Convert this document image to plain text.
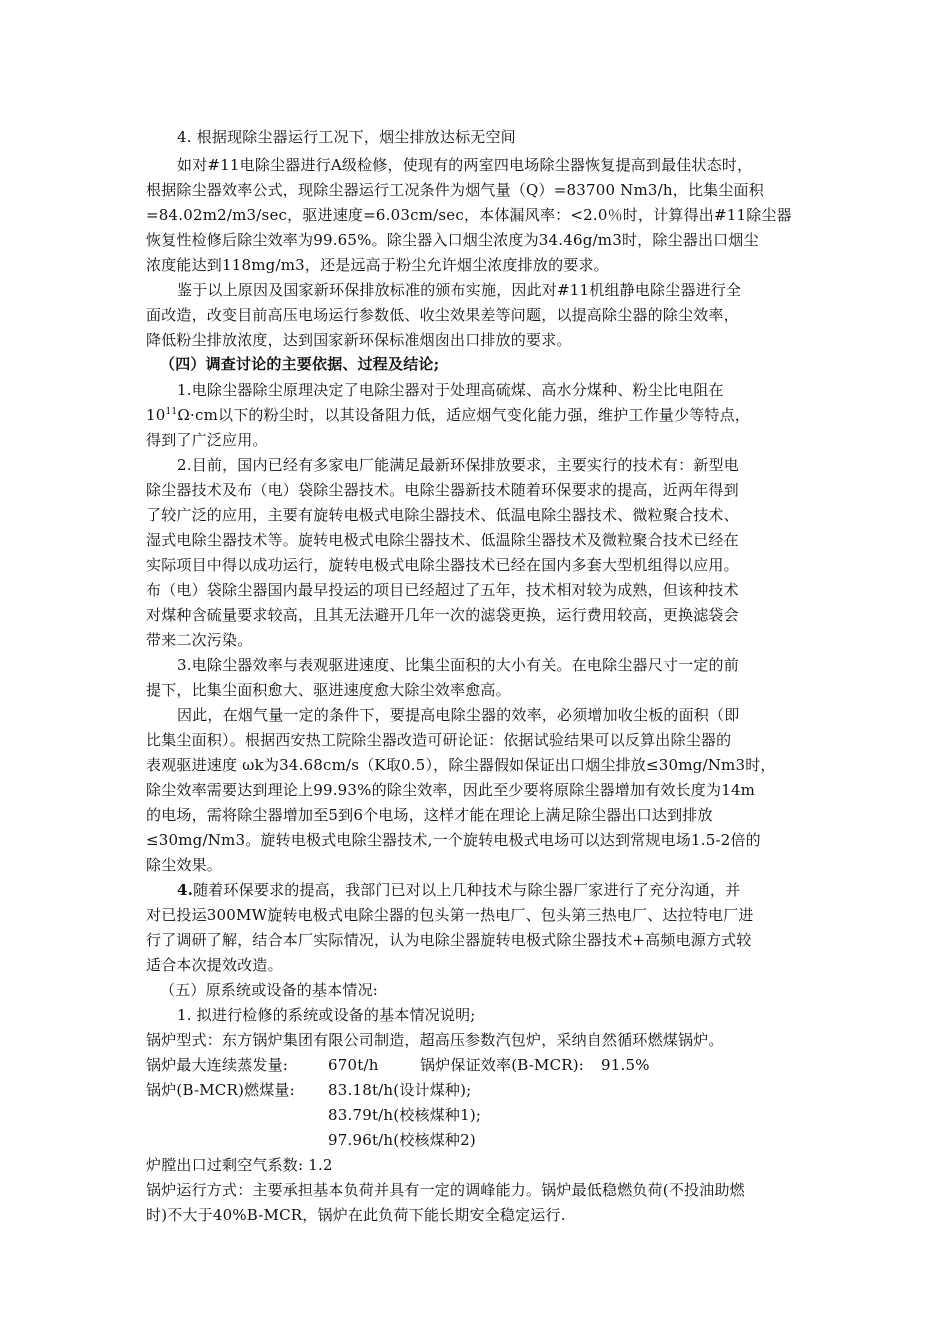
4. 根据现除尘器运行工况下，烟尘排放达标无空间
如对#11电除尘器进行A级检修，使现有的两室四电场除尘器恢复提高到最佳状态时，
根据除尘器效率公式，现除尘器运行工况条件为烟气量（Q）=83700 Nm3/h，比集尘面积
=84.02m2/m3/sec，驱进速度=6.03cm/sec，本体漏风率：<2.0％时，计算得出#11除尘器
恢复性检修后除尘效率为99.65%。除尘器入口烟尘浓度为34.46g/m3时，除尘器出口烟尘
浓度能达到118mg/m3，还是远高于粉尘允许烟尘浓度排放的要求。
鉴于以上原因及国家新环保排放标准的颁布实施，因此对#11机组静电除尘器进行全
面改造，改变目前高压电场运行参数低、收尘效果差等问题，以提高除尘器的除尘效率，
降低粉尘排放浓度，达到国家新环保标准烟囱出口排放的要求。
（四）调查讨论的主要依据、过程及结论;
1.电除尘器除尘原理决定了电除尘器对于处理高硫煤、高水分煤种、粉尘比电阻在
$10^{11}\Omega\cdot cm$以下的粉尘时，以其设备阻力低，适应烟气变化能力强，维护工作量少等特点，
得到了广泛应用。
2.目前，国内已经有多家电厂能满足最新环保排放要求，主要实行的技术有：新型电
除尘器技术及布（电）袋除尘器技术。电除尘器新技术随着环保要求的提高，近两年得到
了较广泛的应用，主要有旋转电极式电除尘器技术、低温电除尘器技术、微粒聚合技术、
湿式电除尘器技术等。旋转电极式电除尘器技术、低温除尘器技术及微粒聚合技术已经在
实际项目中得以成功运行，旋转电极式电除尘器技术已经在国内多套大型机组得以应用。
布（电）袋除尘器国内最早投运的项目已经超过了五年，技术相对较为成熟，但该种技术
对煤种含硫量要求较高，且其无法避开几年一次的滤袋更换，运行费用较高，更换滤袋会
带来二次污染。
3.电除尘器效率与表观驱进速度、比集尘面积的大小有关。在电除尘器尺寸一定的前
提下，比集尘面积愈大、驱进速度愈大除尘效率愈高。
因此，在烟气量一定的条件下，要提高电除尘器的效率，必须增加收尘板的面积（即
比集尘面积）。根据西安热工院除尘器改造可研论证：依据试验结果可以反算出除尘器的
表观驱进速度 ωk为34.68cm/s（K取0.5），除尘器假如保证出口烟尘排放≤30mg/Nm3时，
除尘效率需要达到理论上99.93%的除尘效率，因此至少要将原除尘器增加有效长度为14m
的电场，需将除尘器增加至5到6个电场，这样才能在理论上满足除尘器出口达到排放
≤30mg/Nm3。旋转电极式电除尘器技术,一个旋转电极式电场可以达到常规电场1.5-2倍的
除尘效果。
4.随着环保要求的提高，我部门已对以上几种技术与除尘器厂家进行了充分沟通，并
对已投运300MW旋转电极式电除尘器的包头第一热电厂、包头第三热电厂、达拉特电厂进
行了调研了解，结合本厂实际情况，认为电除尘器旋转电极式除尘器技术+高频电源方式较
适合本次提效改造。
（五）原系统或设备的基本情况:
1. 拟进行检修的系统或设备的基本情况说明;
锅炉型式：东方锅炉集团有限公司制造，超高压参数汽包炉，采纳自然循环燃煤锅炉。
锅炉最大连续蒸发量:	670t/h	锅炉保证效率(B-MCR): 91.5%
锅炉(B-MCR)燃煤量: 83.18t/h(设计煤种);
83.79t/h(校核煤种1);
97.96t/h(校核煤种2)
炉膛出口过剩空气系数: 1.2
锅炉运行方式：主要承担基本负荷并具有一定的调峰能力。锅炉最低稳燃负荷(不投油助燃
时)不大于40%B-MCR，锅炉在此负荷下能长期安全稳定运行.
